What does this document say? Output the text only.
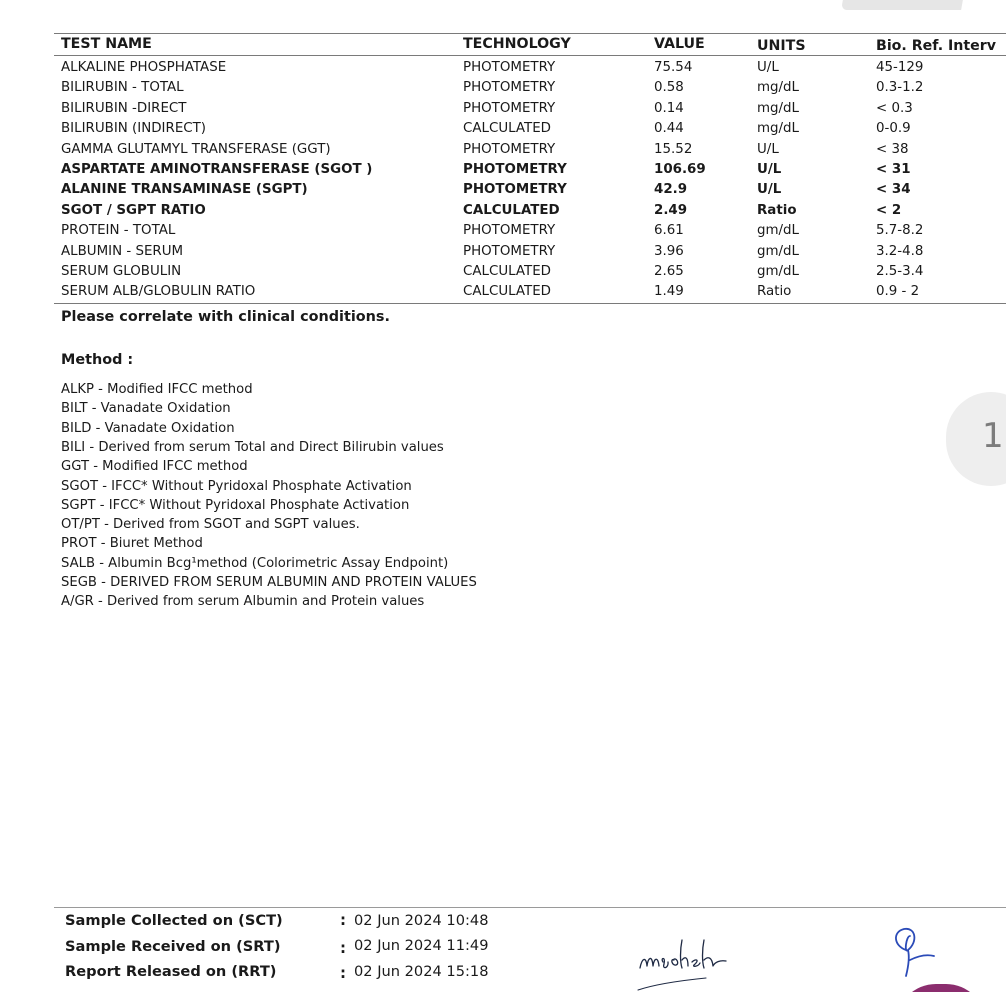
TEST NAME	TECHNOLOGY	VALUE	UNITS	Bio. Ref. Interv
ALKALINE PHOSPHATASE	PHOTOMETRY	75.54	U/L	45-129
BILIRUBIN - TOTAL	PHOTOMETRY	0.58	mg/dL	0.3-1.2
BILIRUBIN -DIRECT	PHOTOMETRY	0.14	mg/dL	< 0.3
BILIRUBIN (INDIRECT)	CALCULATED	0.44	mg/dL	0-0.9
GAMMA GLUTAMYL TRANSFERASE (GGT)	PHOTOMETRY	15.52	U/L	< 38
ASPARTATE AMINOTRANSFERASE (SGOT )	PHOTOMETRY	106.69	U/L	< 31
ALANINE TRANSAMINASE (SGPT)	PHOTOMETRY	42.9	U/L	< 34
SGOT / SGPT RATIO	CALCULATED	2.49	Ratio	< 2
PROTEIN - TOTAL	PHOTOMETRY	6.61	gm/dL	5.7-8.2
ALBUMIN - SERUM	PHOTOMETRY	3.96	gm/dL	3.2-4.8
SERUM GLOBULIN	CALCULATED	2.65	gm/dL	2.5-3.4
SERUM ALB/GLOBULIN RATIO	CALCULATED	1.49	Ratio	0.9 - 2
Please correlate with clinical conditions.
Method :
ALKP - Modified IFCC method
BILT - Vanadate Oxidation
BILD - Vanadate Oxidation
BILI - Derived from serum Total and Direct Bilirubin values
GGT - Modified IFCC method
SGOT - IFCC* Without Pyridoxal Phosphate Activation
SGPT - IFCC* Without Pyridoxal Phosphate Activation
OT/PT - Derived from SGOT and SGPT values.
PROT - Biuret Method
SALB - Albumin Bcg¹method (Colorimetric Assay Endpoint)
SEGB - DERIVED FROM SERUM ALBUMIN AND PROTEIN VALUES
A/GR - Derived from serum Albumin and Protein values
1
Sample Collected on (SCT)	: 02 Jun 2024 10:48
Sample Received on (SRT)	: 02 Jun 2024 11:49
Report Released on (RRT)	: 02 Jun 2024 15:18
